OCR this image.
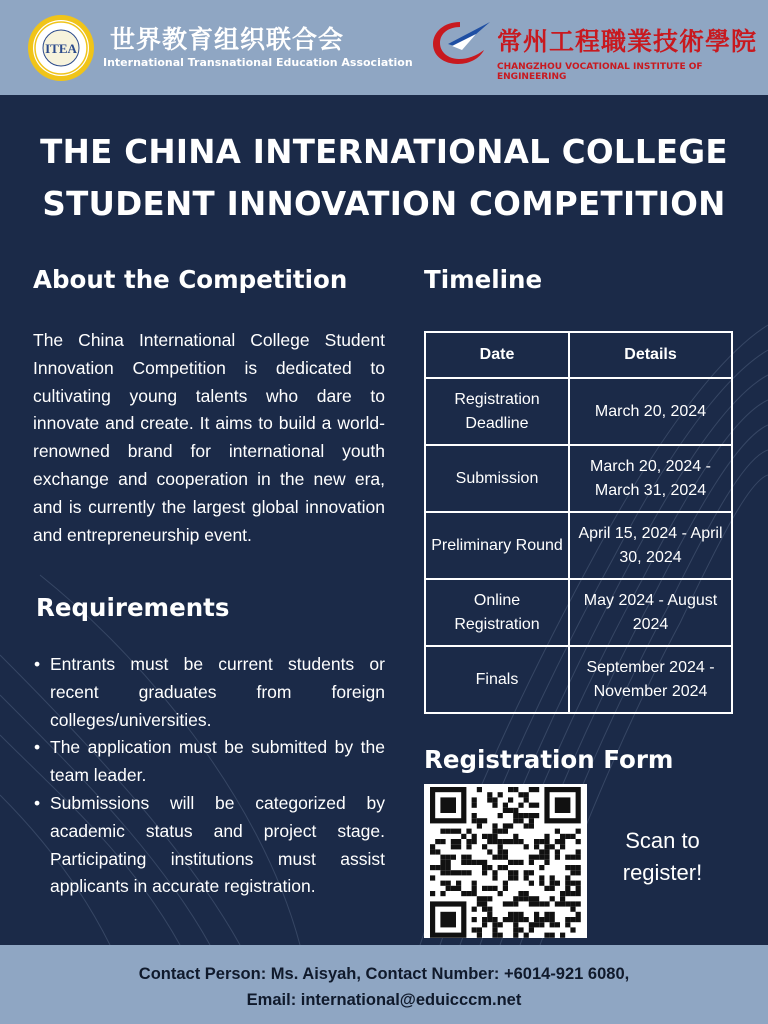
ITEA 世界教育组织联合会
International Transnational Education Association
常州工程職業技術學院
CHANGZHOU VOCATIONAL INSTITUTE OF ENGINEERING
THE CHINA INTERNATIONAL COLLEGE
STUDENT INNOVATION COMPETITION
About the Competition
The China International College Student Innovation Competition is dedicated to cultivating young talents who dare to innovate and create. It aims to build a world-renowned brand for international youth exchange and cooperation in the new era, and is currently the largest global innovation and entrepreneurship event.
Requirements
• Entrants must be current students or recent graduates from foreign colleges/universities.
• The application must be submitted by the team leader.
• Submissions will be categorized by academic status and project stage. Participating institutions must assist applicants in accurate registration.
Timeline
Date	Details
Registration Deadline	March 20, 2024
Submission	March 20, 2024 - March 31, 2024
Preliminary Round	April 15, 2024 - April 30, 2024
Online Registration	May 2024 - August 2024
Finals	September 2024 - November 2024
Registration Form
Scan to register!
Contact Person: Ms. Aisyah, Contact Number: +6014-921 6080,
Email: international@eduicccm.net
